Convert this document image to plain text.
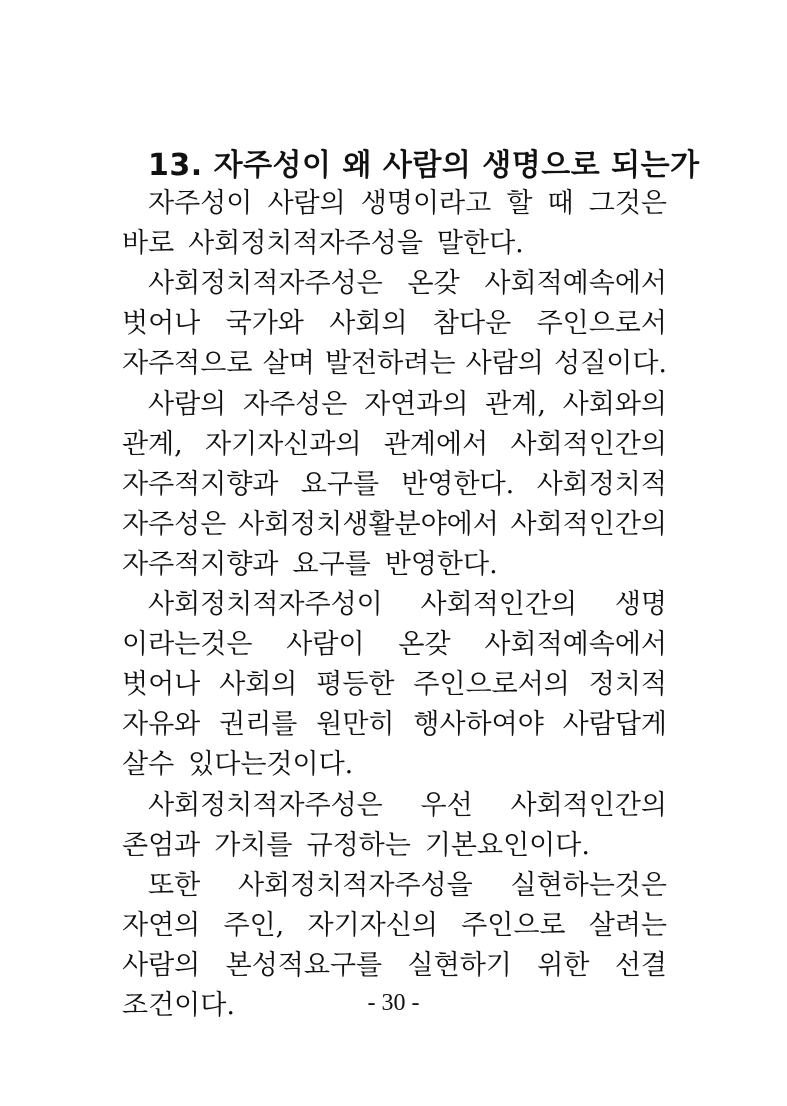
13. 자주성이 왜 사람의 생명으로 되는가
자주성이 사람의 생명이라고 할 때 그것은
바로 사회정치적자주성을 말한다.
사회정치적자주성은 온갖 사회적예속에서
벗어나 국가와 사회의 참다운 주인으로서
자주적으로 살며 발전하려는 사람의 성질이다.
사람의 자주성은 자연과의 관계, 사회와의
관계, 자기자신과의 관계에서 사회적인간의
자주적지향과 요구를 반영한다. 사회정치적
자주성은 사회정치생활분야에서 사회적인간의
자주적지향과 요구를 반영한다.
사회정치적자주성이 사회적인간의 생명
이라는것은 사람이 온갖 사회적예속에서
벗어나 사회의 평등한 주인으로서의 정치적
자유와 권리를 원만히 행사하여야 사람답게
살수 있다는것이다.
사회정치적자주성은 우선 사회적인간의
존엄과 가치를 규정하는 기본요인이다.
또한 사회정치적자주성을 실현하는것은
자연의 주인, 자기자신의 주인으로 살려는
사람의 본성적요구를 실현하기 위한 선결
조건이다.	- 30 -
